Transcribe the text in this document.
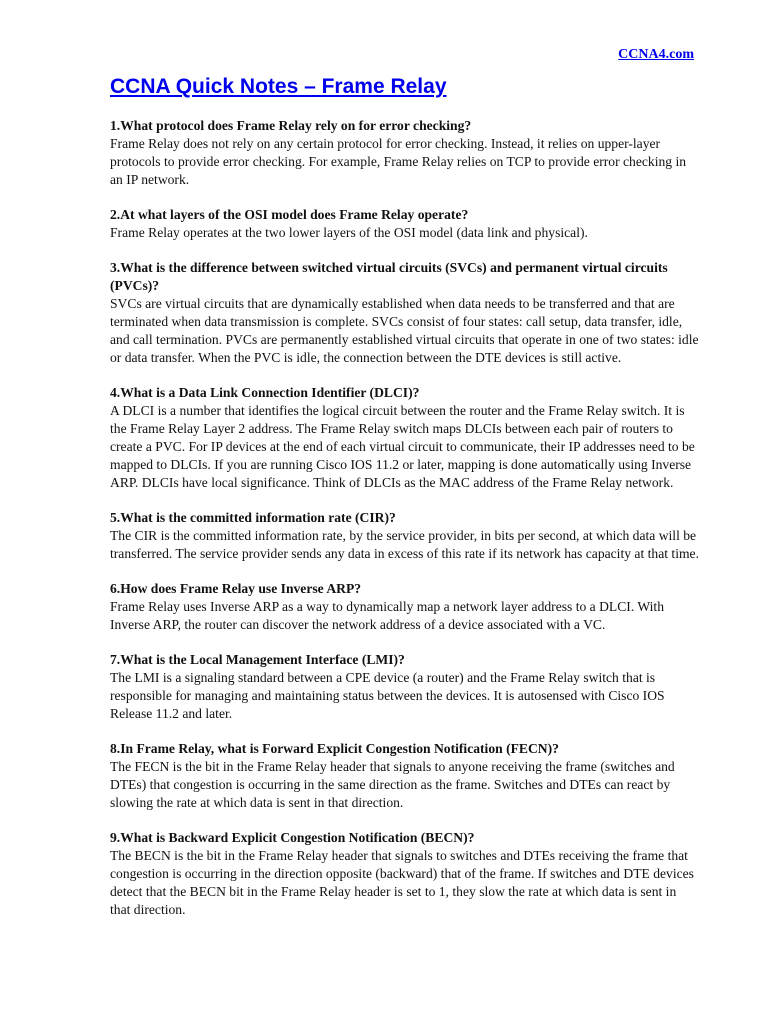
CCNA4.com
CCNA Quick Notes – Frame Relay

1.What protocol does Frame Relay rely on for error checking?

Frame Relay does not rely on any certain protocol for error checking. Instead, it relies on upper-layer protocols to provide error checking. For example, Frame Relay relies on TCP to provide error checking in an IP network.

2.At what layers of the OSI model does Frame Relay operate?

Frame Relay operates at the two lower layers of the OSI model (data link and physical).

3.What is the difference between switched virtual circuits (SVCs) and permanent virtual circuits (PVCs)?

SVCs are virtual circuits that are dynamically established when data needs to be transferred and that are terminated when data transmission is complete. SVCs consist of four states: call setup, data transfer, idle, and call termination. PVCs are permanently established virtual circuits that operate in one of two states: idle or data transfer. When the PVC is idle, the connection between the DTE devices is still active.

4.What is a Data Link Connection Identifier (DLCI)?

A DLCI is a number that identifies the logical circuit between the router and the Frame Relay switch. It is the Frame Relay Layer 2 address. The Frame Relay switch maps DLCIs between each pair of routers to create a PVC. For IP devices at the end of each virtual circuit to communicate, their IP addresses need to be mapped to DLCIs. If you are running Cisco IOS 11.2 or later, mapping is done automatically using Inverse ARP. DLCIs have local significance. Think of DLCIs as the MAC address of the Frame Relay network.

5.What is the committed information rate (CIR)?

The CIR is the committed information rate, by the service provider, in bits per second, at which data will be transferred. The service provider sends any data in excess of this rate if its network has capacity at that time.

6.How does Frame Relay use Inverse ARP?

Frame Relay uses Inverse ARP as a way to dynamically map a network layer address to a DLCI. With Inverse ARP, the router can discover the network address of a device associated with a VC.

7.What is the Local Management Interface (LMI)?

The LMI is a signaling standard between a CPE device (a router) and the Frame Relay switch that is responsible for managing and maintaining status between the devices. It is autosensed with Cisco IOS Release 11.2 and later.

8.In Frame Relay, what is Forward Explicit Congestion Notification (FECN)?

The FECN is the bit in the Frame Relay header that signals to anyone receiving the frame (switches and DTEs) that congestion is occurring in the same direction as the frame. Switches and DTEs can react by slowing the rate at which data is sent in that direction.

9.What is Backward Explicit Congestion Notification (BECN)?

The BECN is the bit in the Frame Relay header that signals to switches and DTEs receiving the frame that congestion is occurring in the direction opposite (backward) that of the frame. If switches and DTE devices detect that the BECN bit in the Frame Relay header is set to 1, they slow the rate at which data is sent in that direction.
